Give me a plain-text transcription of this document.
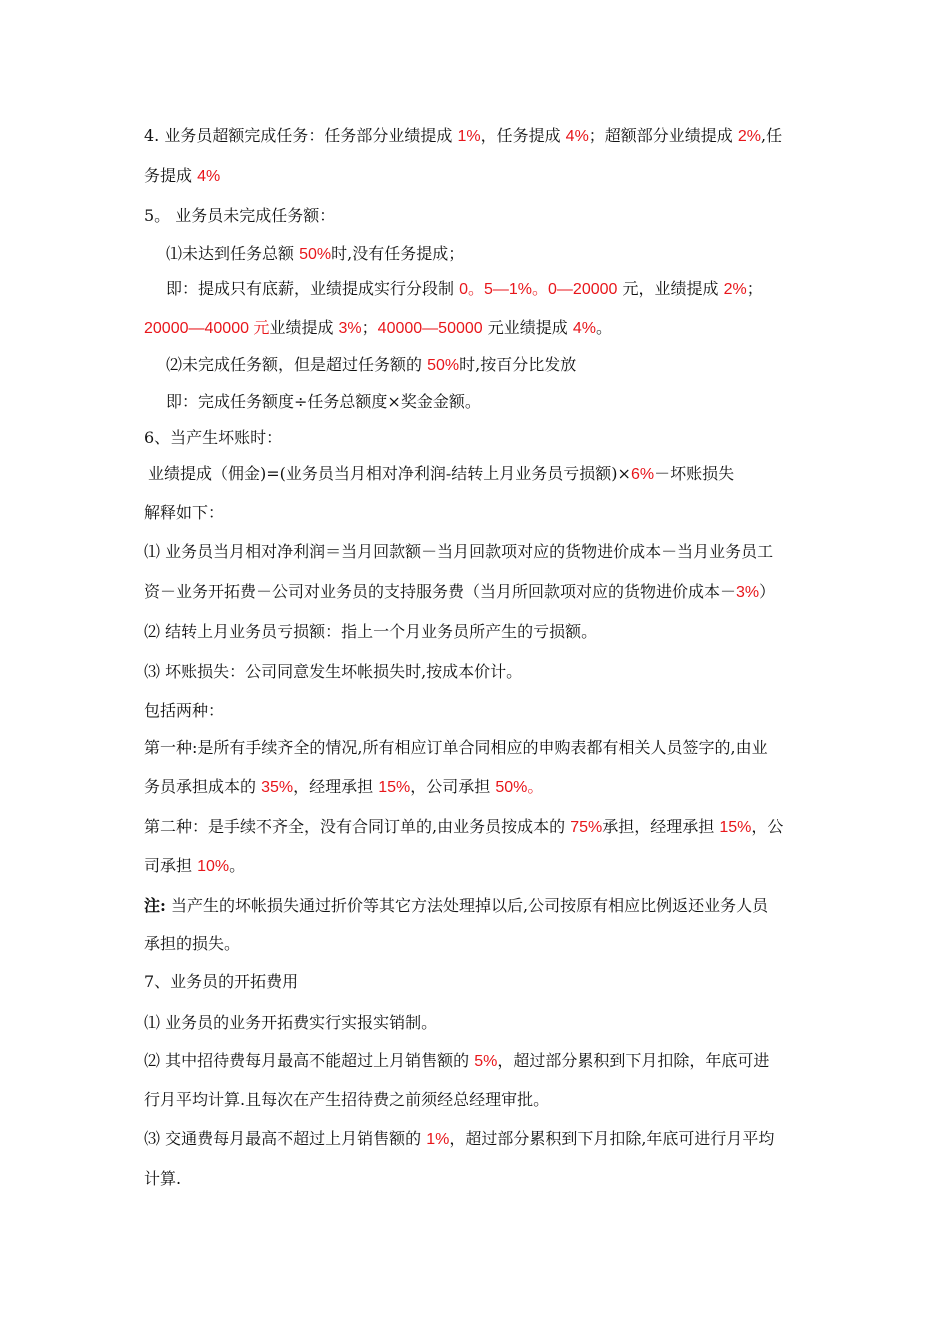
4. 业务员超额完成任务：任务部分业绩提成 1%，任务提成 4%；超额部分业绩提成 2%,任
务提成 4%
5。 业务员未完成任务额：
⑴未达到任务总额 50%时,没有任务提成；
即：提成只有底薪，业绩提成实行分段制 0。5—1%。0—20000 元，业绩提成 2%；
20000—40000 元业绩提成 3%；40000—50000 元业绩提成 4%。
⑵未完成任务额，但是超过任务额的 50%时,按百分比发放
即：完成任务额度÷任务总额度×奖金金额。
6、当产生坏账时：
业绩提成（佣金)=(业务员当月相对净利润-结转上月业务员亏损额)×6%－坏账损失
解释如下：
⑴ 业务员当月相对净利润＝当月回款额－当月回款项对应的货物进价成本－当月业务员工
资－业务开拓费－公司对业务员的支持服务费（当月所回款项对应的货物进价成本－3%）
⑵ 结转上月业务员亏损额：指上一个月业务员所产生的亏损额。
⑶ 坏账损失：公司同意发生坏帐损失时,按成本价计。
包括两种：
第一种:是所有手续齐全的情况,所有相应订单合同相应的申购表都有相关人员签字的,由业
务员承担成本的 35%，经理承担 15%，公司承担 50%。
第二种：是手续不齐全，没有合同订单的,由业务员按成本的 75%承担，经理承担 15%，公
司承担 10%。
注: 当产生的坏帐损失通过折价等其它方法处理掉以后,公司按原有相应比例返还业务人员
承担的损失。
7、业务员的开拓费用
⑴ 业务员的业务开拓费实行实报实销制。
⑵ 其中招待费每月最高不能超过上月销售额的 5%，超过部分累积到下月扣除，年底可进
行月平均计算.且每次在产生招待费之前须经总经理审批。
⑶ 交通费每月最高不超过上月销售额的 1%，超过部分累积到下月扣除,年底可进行月平均
计算.
